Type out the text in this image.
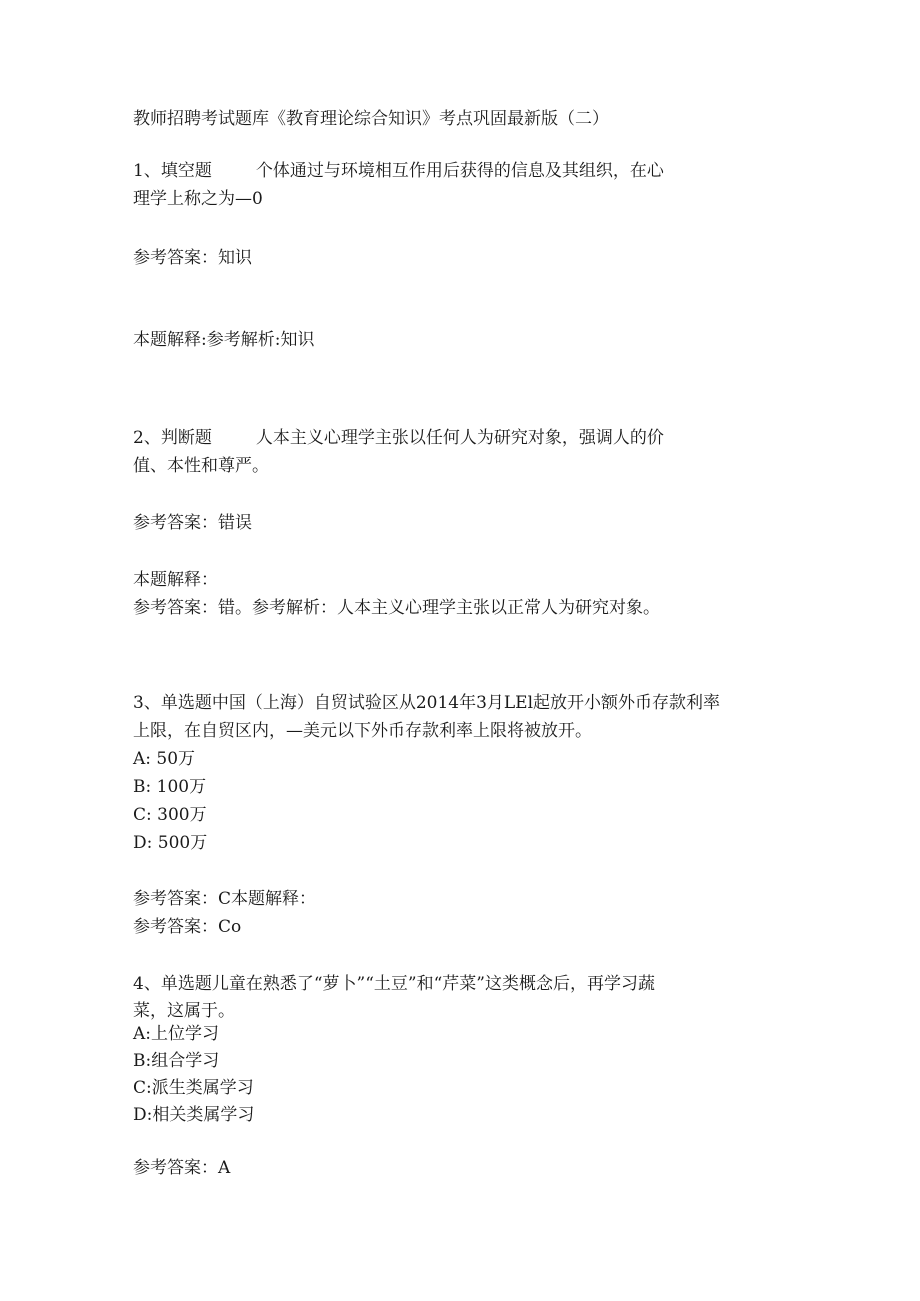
教师招聘考试题库《教育理论综合知识》考点巩固最新版（二）
1、填空题	个体通过与环境相互作用后获得的信息及其组织，在心
理学上称之为—0
参考答案：知识
本题解释:参考解析:知识
2、判断题	人本主义心理学主张以任何人为研究对象，强调人的价
值、本性和尊严。
参考答案：错误
本题解释：
参考答案：错。参考解析：人本主义心理学主张以正常人为研究对象。
3、单选题中国（上海）自贸试验区从2014年3月LEl起放开小额外币存款利率
上限，在自贸区内，—美元以下外币存款利率上限将被放开。
A: 50万
B: 100万
C: 300万
D: 500万
参考答案：C本题解释：
参考答案：Co
4、单选题儿童在熟悉了“萝卜”“土豆”和“芹菜”这类概念后，再学习蔬
菜，这属于。
A:上位学习
B:组合学习
C:派生类属学习
D:相关类属学习
参考答案：A
